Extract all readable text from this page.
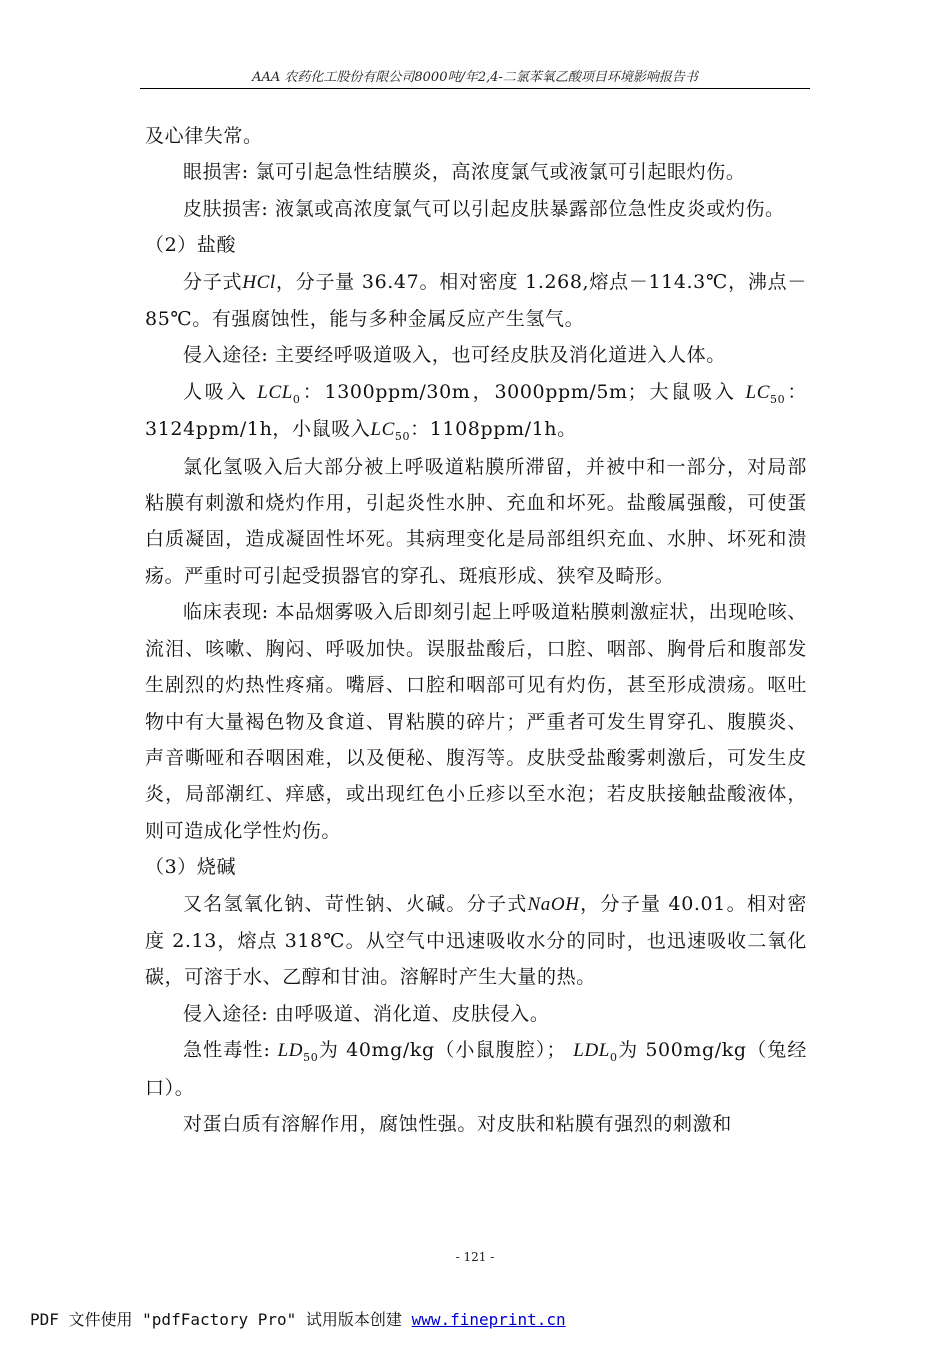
AAA 农药化工股份有限公司8000吨/年2,4-二氯苯氧乙酸项目环境影响报告书

及心律失常。

眼损害: 氯可引起急性结膜炎，高浓度氯气或液氯可引起眼灼伤。

皮肤损害: 液氯或高浓度氯气可以引起皮肤暴露部位急性皮炎或灼伤。

（2）盐酸

分子式HCl，分子量 36.47。相对密度 1.268,熔点－114.3℃，沸点－85℃。有强腐蚀性，能与多种金属反应产生氢气。

侵入途径: 主要经呼吸道吸入，也可经皮肤及消化道进入人体。

人吸入 $LCL_0$：1300ppm/30m，3000ppm/5m；大鼠吸入 $LC_{50}$：3124ppm/1h，小鼠吸入$LC_{50}$：1108ppm/1h。

氯化氢吸入后大部分被上呼吸道粘膜所滞留，并被中和一部分，对局部粘膜有刺激和烧灼作用，引起炎性水肿、充血和坏死。盐酸属强酸，可使蛋白质凝固，造成凝固性坏死。其病理变化是局部组织充血、水肿、坏死和溃疡。严重时可引起受损器官的穿孔、斑痕形成、狭窄及畸形。

临床表现: 本品烟雾吸入后即刻引起上呼吸道粘膜刺激症状，出现呛咳、流泪、咳嗽、胸闷、呼吸加快。误服盐酸后，口腔、咽部、胸骨后和腹部发生剧烈的灼热性疼痛。嘴唇、口腔和咽部可见有灼伤，甚至形成溃疡。呕吐物中有大量褐色物及食道、胃粘膜的碎片；严重者可发生胃穿孔、腹膜炎、声音嘶哑和吞咽困难，以及便秘、腹泻等。皮肤受盐酸雾刺激后，可发生皮炎，局部潮红、痒感，或出现红色小丘疹以至水泡；若皮肤接触盐酸液体，则可造成化学性灼伤。

（3）烧碱

又名氢氧化钠、苛性钠、火碱。分子式NaOH，分子量 40.01。相对密度 2.13，熔点 318℃。从空气中迅速吸收水分的同时，也迅速吸收二氧化碳，可溶于水、乙醇和甘油。溶解时产生大量的热。

侵入途径: 由呼吸道、消化道、皮肤侵入。

急性毒性: $LD_{50}$为 40mg/kg（小鼠腹腔）； $LDL_0$为 500mg/kg（兔经口）。

对蛋白质有溶解作用，腐蚀性强。对皮肤和粘膜有强烈的刺激和

- 121 -
PDF 文件使用 "pdfFactory Pro" 试用版本创建 www.fineprint.cn
